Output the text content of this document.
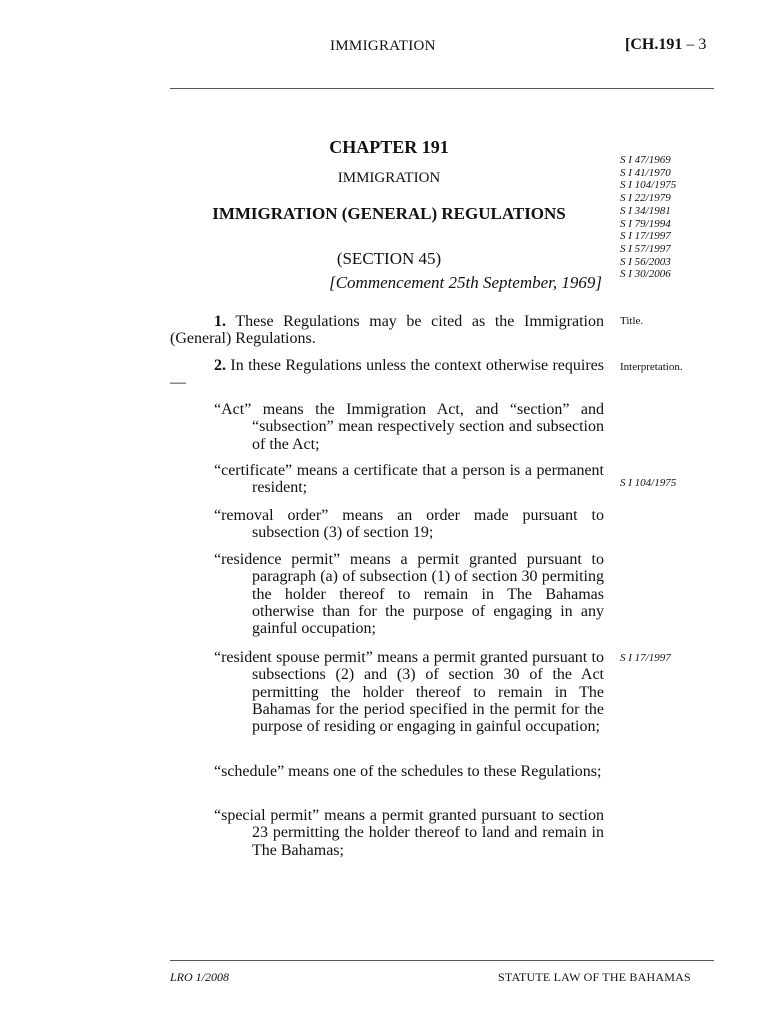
IMMIGRATION	[CH.191 – 3
CHAPTER 191
IMMIGRATION
IMMIGRATION (GENERAL) REGULATIONS
(SECTION 45)
[Commencement 25th September, 1969]
S I 47/1969
S I 41/1970
S I 104/1975
S I 22/1979
S I 34/1981
S I 79/1994
S I 17/1997
S I 57/1997
S I 56/2003
S I 30/2006
1. These Regulations may be cited as the Immigration (General) Regulations.
Title.
2. In these Regulations unless the context otherwise requires —
Interpretation.
“Act” means the Immigration Act, and “section” and “subsection” mean respectively section and subsection of the Act;
“certificate” means a certificate that a person is a permanent resident;	S I 104/1975
“removal order” means an order made pursuant to subsection (3) of section 19;
“residence permit” means a permit granted pursuant to paragraph (a) of subsection (1) of section 30 permiting the holder thereof to remain in The Bahamas otherwise than for the purpose of engaging in any gainful occupation;
“resident spouse permit” means a permit granted pursuant to subsections (2) and (3) of section 30 of the Act permitting the holder thereof to remain in The Bahamas for the period specified in the permit for the purpose of residing or engaging in gainful occupation;
S I 17/1997
“schedule” means one of the schedules to these Regulations;
“special permit” means a permit granted pursuant to section 23 permitting the holder thereof to land and remain in The Bahamas;
LRO 1/2008	STATUTE LAW OF THE BAHAMAS
